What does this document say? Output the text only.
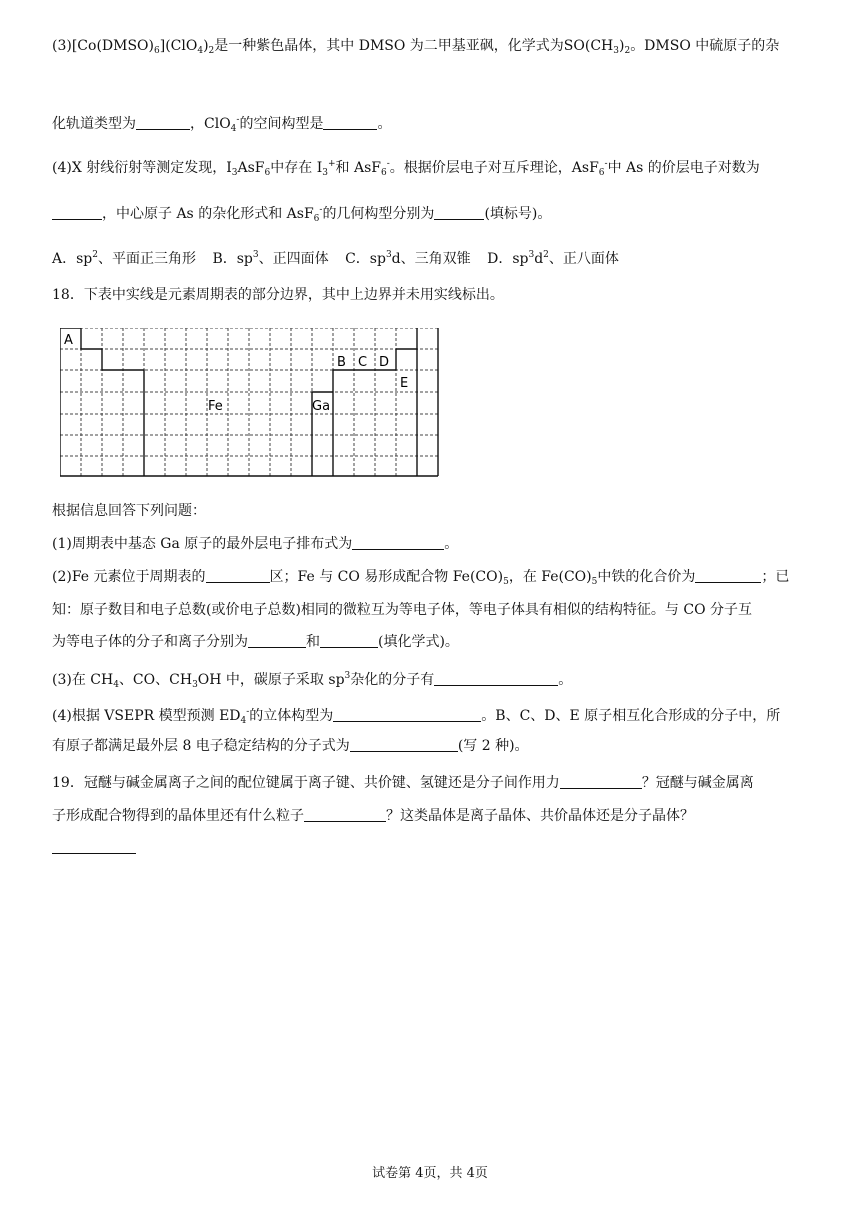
$(3)[Co(DMSO)_6](ClO_4)_2$是一种紫色晶体，其中 DMSO 为二甲基亚砜，化学式为$SO(CH_3)_2$。DMSO 中硫原子的杂
化轨道类型为	，ClO$_4$-的空间构型是	。
(4)X 射线衍射等测定发现，$I_3AsF_6$中存在 $I_3^+$和 AsF$_6$-。根据价层电子对互斥理论，AsF$_6$-中 As 的价层电子对数为
，中心原子 As 的杂化形式和 AsF$_6$-的几何构型分别为	(填标号)。
A．$sp^2$、平面正三角形 B．$sp^3$、正四面体 C．$sp^3d$、三角双锥 D．$sp^3d^2$、正八面体
18．下表中实线是元素周期表的部分边界，其中上边界并未用实线标出。
A
B C D
E
Fe	Ga
根据信息回答下列问题：
(1)周期表中基态 Ga 原子的最外层电子排布式为	。
(2)Fe 元素位于周期表的	区；Fe 与 CO 易形成配合物 $Fe(CO)_5$，在 $Fe(CO)_5$中铁的化合价为	；已
知：原子数目和电子总数(或价电子总数)相同的微粒互为等电子体，等电子体具有相似的结构特征。与 CO 分子互
为等电子体的分子和离子分别为	和	(填化学式)。
(3)在 $CH_4$、CO、$CH_3OH$ 中，碳原子采取 $sp^3$杂化的分子有	。
(4)根据 VSEPR 模型预测 $ED_4^-$的立体构型为	。B、C、D、E 原子相互化合形成的分子中，所
有原子都满足最外层 8 电子稳定结构的分子式为	(写 2 种)。
19．冠醚与碱金属离子之间的配位键属于离子键、共价键、氢键还是分子间作用力	？冠醚与碱金属离
子形成配合物得到的晶体里还有什么粒子	？这类晶体是离子晶体、共价晶体还是分子晶体？
试卷第 4页，共 4页
